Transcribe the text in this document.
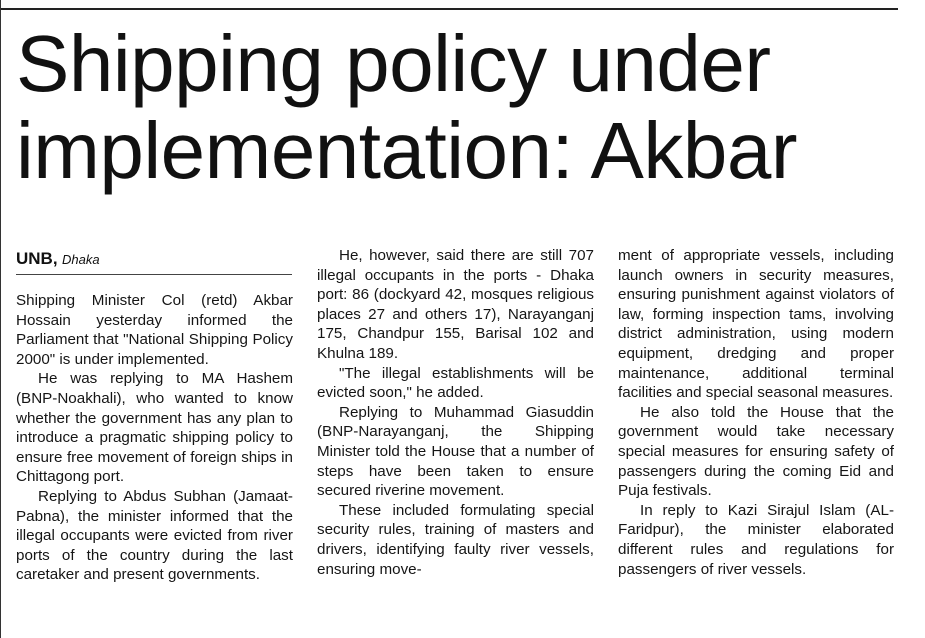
Shipping policy under
implementation: Akbar
UNB, Dhaka

Shipping Minister Col (retd) Akbar Hossain yesterday informed the Parliament that "National Shipping Policy 2000" is under implemented.

He was replying to MA Hashem (BNP-Noakhali), who wanted to know whether the government has any plan to introduce a pragmatic shipping policy to ensure free movement of foreign ships in Chittagong port.

Replying to Abdus Subhan (Jamaat-Pabna), the minister informed that the illegal occupants were evicted from river ports of the country during the last caretaker and present governments.

He, however, said there are still 707 illegal occupants in the ports - Dhaka port: 86 (dockyard 42, mosques religious places 27 and others 17), Narayanganj 175, Chandpur 155, Barisal 102 and Khulna 189.

"The illegal establishments will be evicted soon," he added.

Replying to Muhammad Giasuddin (BNP-Narayanganj, the Shipping Minister told the House that a number of steps have been taken to ensure secured riverine movement.

These included formulating special security rules, training of masters and drivers, identifying faulty river vessels, ensuring move-

ment of appropriate vessels, including launch owners in security measures, ensuring punishment against violators of law, forming inspection tams, involving district administration, using modern equipment, dredging and proper maintenance, additional terminal facilities and special seasonal measures.

He also told the House that the government would take necessary special measures for ensuring safety of passengers during the coming Eid and Puja festivals.

In reply to Kazi Sirajul Islam (AL-Faridpur), the minister elaborated different rules and regulations for passengers of river vessels.
